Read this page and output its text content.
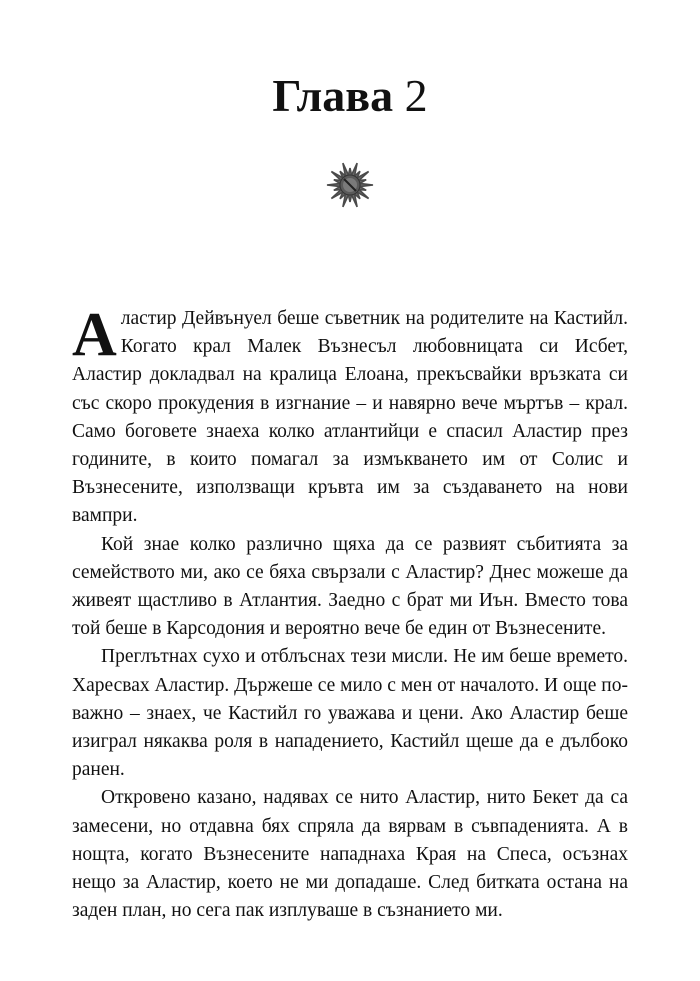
Глава 2

Аластир Дейвънуел беше съветник на родителите на Кастийл. Когато крал Малек Възнесъл любовницата си Исбет, Аластир докладвал на кралица Елоана, прекъсвайки връзката си със скоро прокудения в изгнание – и навярно вече мъртъв – крал. Само боговете знаеха колко атлантийци е спасил Аластир през годините, в които помагал за измъкването им от Солис и Възнесените, използващи кръвта им за създаването на нови вампри.

Кой знае колко различно щяха да се развият събитията за семейството ми, ако се бяха свързали с Аластир? Днес можеше да живеят щастливо в Атлантия. Заедно с брат ми Иън. Вместо това той беше в Карсодония и вероятно вече бе един от Възнесените.

Преглътнах сухо и отблъснах тези мисли. Не им беше времето. Харесвах Аластир. Държеше се мило с мен от началото. И още по-важно – знаех, че Кастийл го уважава и цени. Ако Аластир беше изиграл някаква роля в нападението, Кастийл щеше да е дълбоко ранен.

Откровено казано, надявах се нито Аластир, нито Бекет да са замесени, но отдавна бях спряла да вярвам в съвпаденията. А в нощта, когато Възнесените нападнаха Края на Спеса, осъзнах нещо за Аластир, което не ми допадаше. След битката остана на заден план, но сега пак изплуваше в съзнанието ми.
